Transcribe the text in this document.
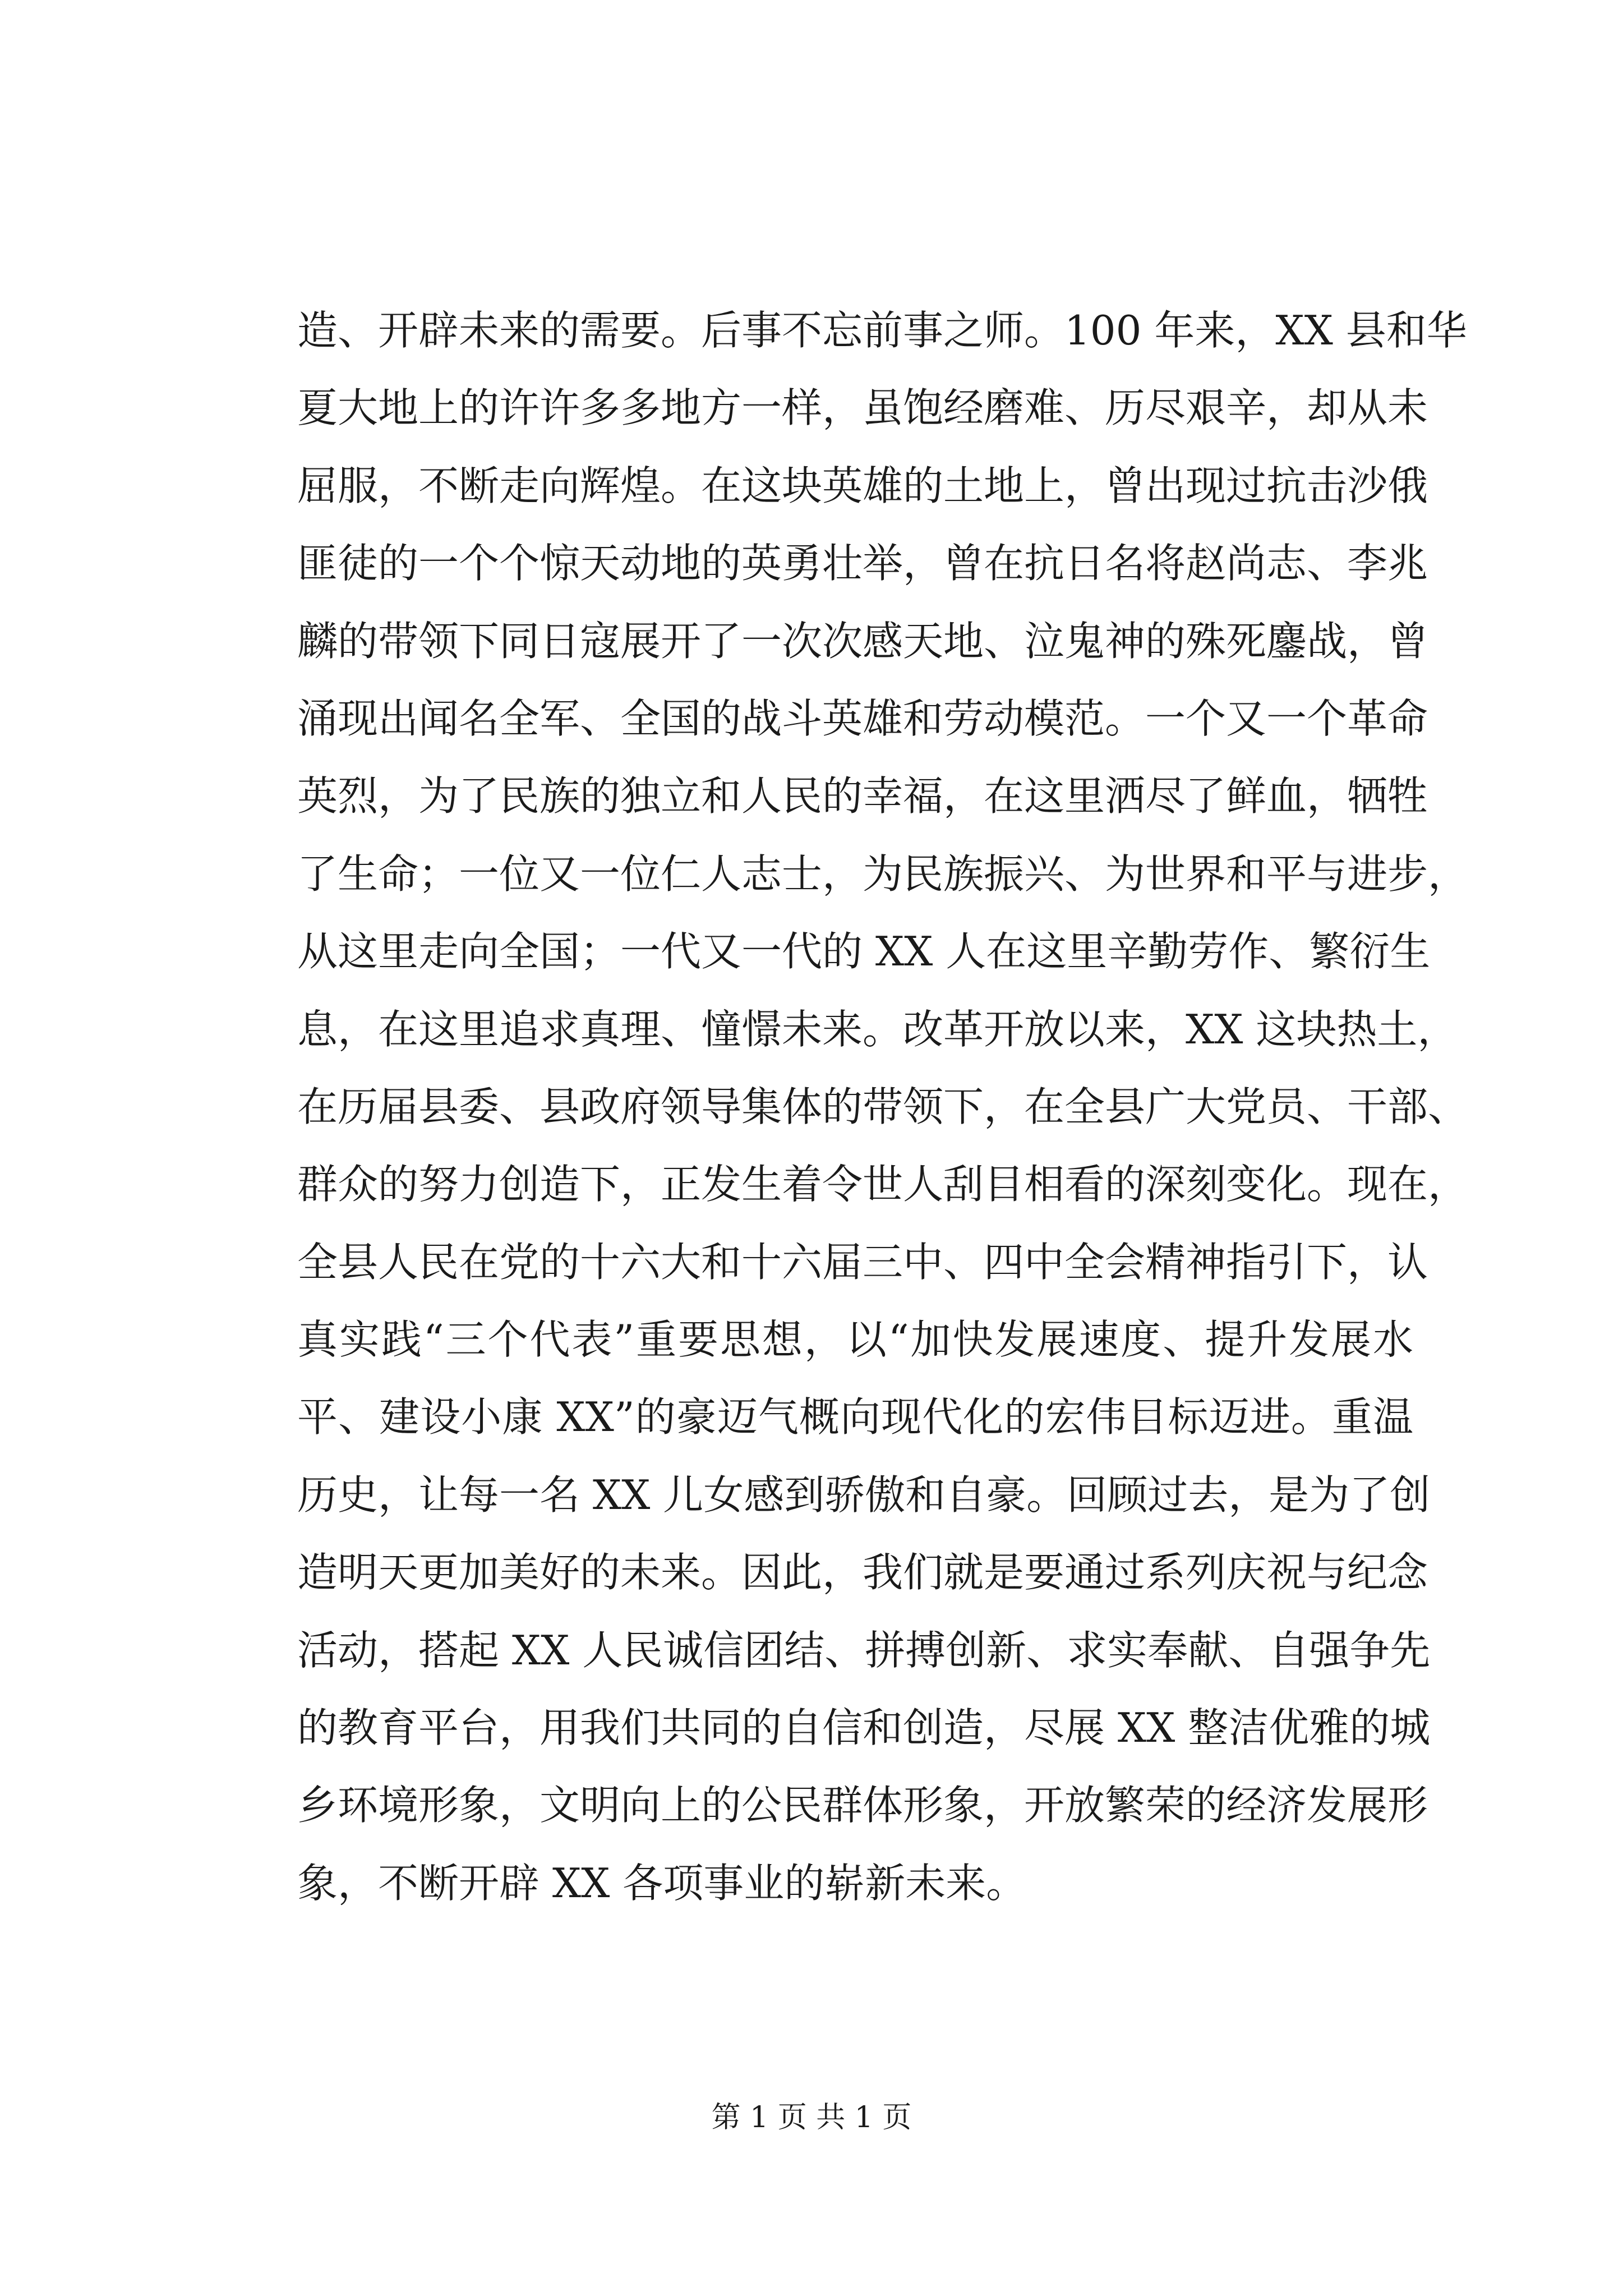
造、开辟未来的需要。后事不忘前事之师。100 年来，XX 县和华
夏大地上的许许多多地方一样，虽饱经磨难、历尽艰辛，却从未
屈服，不断走向辉煌。在这块英雄的土地上，曾出现过抗击沙俄
匪徒的一个个惊天动地的英勇壮举，曾在抗日名将赵尚志、李兆
麟的带领下同日寇展开了一次次感天地、泣鬼神的殊死鏖战，曾
涌现出闻名全军、全国的战斗英雄和劳动模范。一个又一个革命
英烈，为了民族的独立和人民的幸福，在这里洒尽了鲜血，牺牲
了生命；一位又一位仁人志士，为民族振兴、为世界和平与进步，
从这里走向全国；一代又一代的 XX 人在这里辛勤劳作、繁衍生
息，在这里追求真理、憧憬未来。改革开放以来，XX 这块热土，
在历届县委、县政府领导集体的带领下，在全县广大党员、干部、
群众的努力创造下，正发生着令世人刮目相看的深刻变化。现在，
全县人民在党的十六大和十六届三中、四中全会精神指引下，认
真实践“三个代表”重要思想，以“加快发展速度、提升发展水
平、建设小康 XX”的豪迈气概向现代化的宏伟目标迈进。重温
历史，让每一名 XX 儿女感到骄傲和自豪。回顾过去，是为了创
造明天更加美好的未来。因此，我们就是要通过系列庆祝与纪念
活动，搭起 XX 人民诚信团结、拼搏创新、求实奉献、自强争先
的教育平台，用我们共同的自信和创造，尽展 XX 整洁优雅的城
乡环境形象，文明向上的公民群体形象，开放繁荣的经济发展形
象，不断开辟 XX 各项事业的崭新未来。
第 1 页 共 1 页
